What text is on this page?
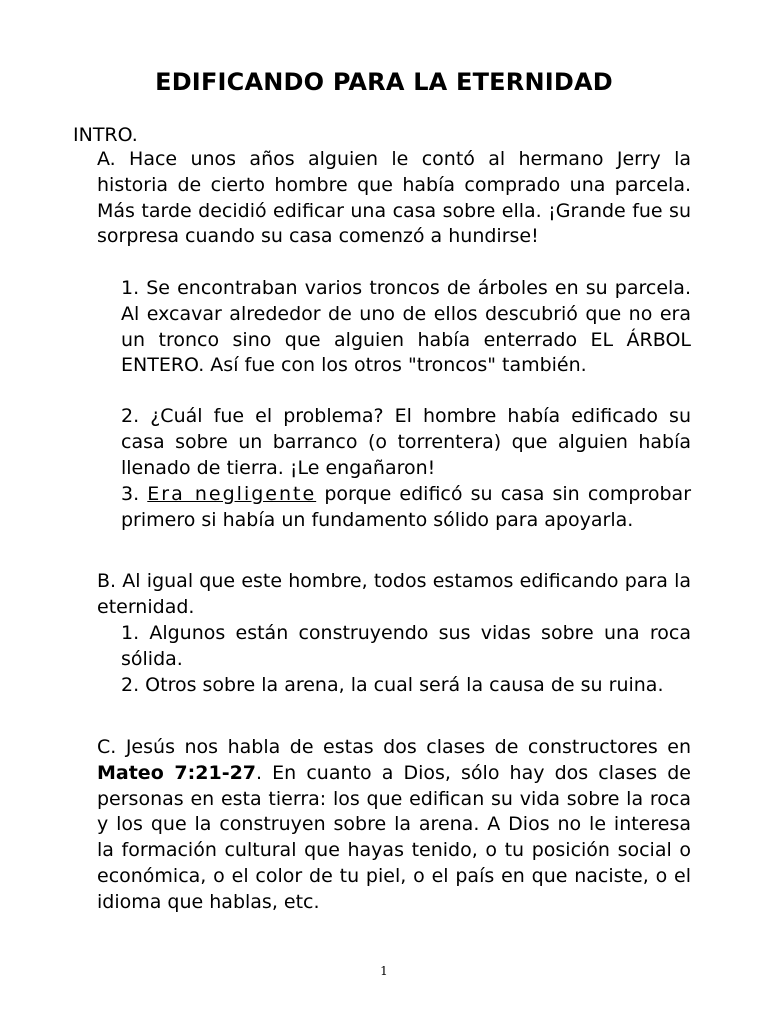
EDIFICANDO PARA LA ETERNIDAD
INTRO.

A. Hace unos años alguien le contó al hermano Jerry la historia de cierto hombre que había comprado una parcela. Más tarde decidió edificar una casa sobre ella. ¡Grande fue su sorpresa cuando su casa comenzó a hundirse!

1. Se encontraban varios troncos de árboles en su parcela. Al excavar alrededor de uno de ellos descubrió que no era un tronco sino que alguien había enterrado EL ÁRBOL ENTERO. Así fue con los otros "troncos" también.

2. ¿Cuál fue el problema? El hombre había edificado su casa sobre un barranco (o torrentera) que alguien había llenado de tierra. ¡Le engañaron!

3. Era negligente porque edificó su casa sin comprobar primero si había un fundamento sólido para apoyarla.

B. Al igual que este hombre, todos estamos edificando para la eternidad.

1. Algunos están construyendo sus vidas sobre una roca sólida.

2. Otros sobre la arena, la cual será la causa de su ruina.

C. Jesús nos habla de estas dos clases de constructores en Mateo 7:21-27. En cuanto a Dios, sólo hay dos clases de personas en esta tierra: los que edifican su vida sobre la roca y los que la construyen sobre la arena. A Dios no le interesa la formación cultural que hayas tenido, o tu posición social o económica, o el color de tu piel, o el país en que naciste, o el idioma que hablas, etc.

1
